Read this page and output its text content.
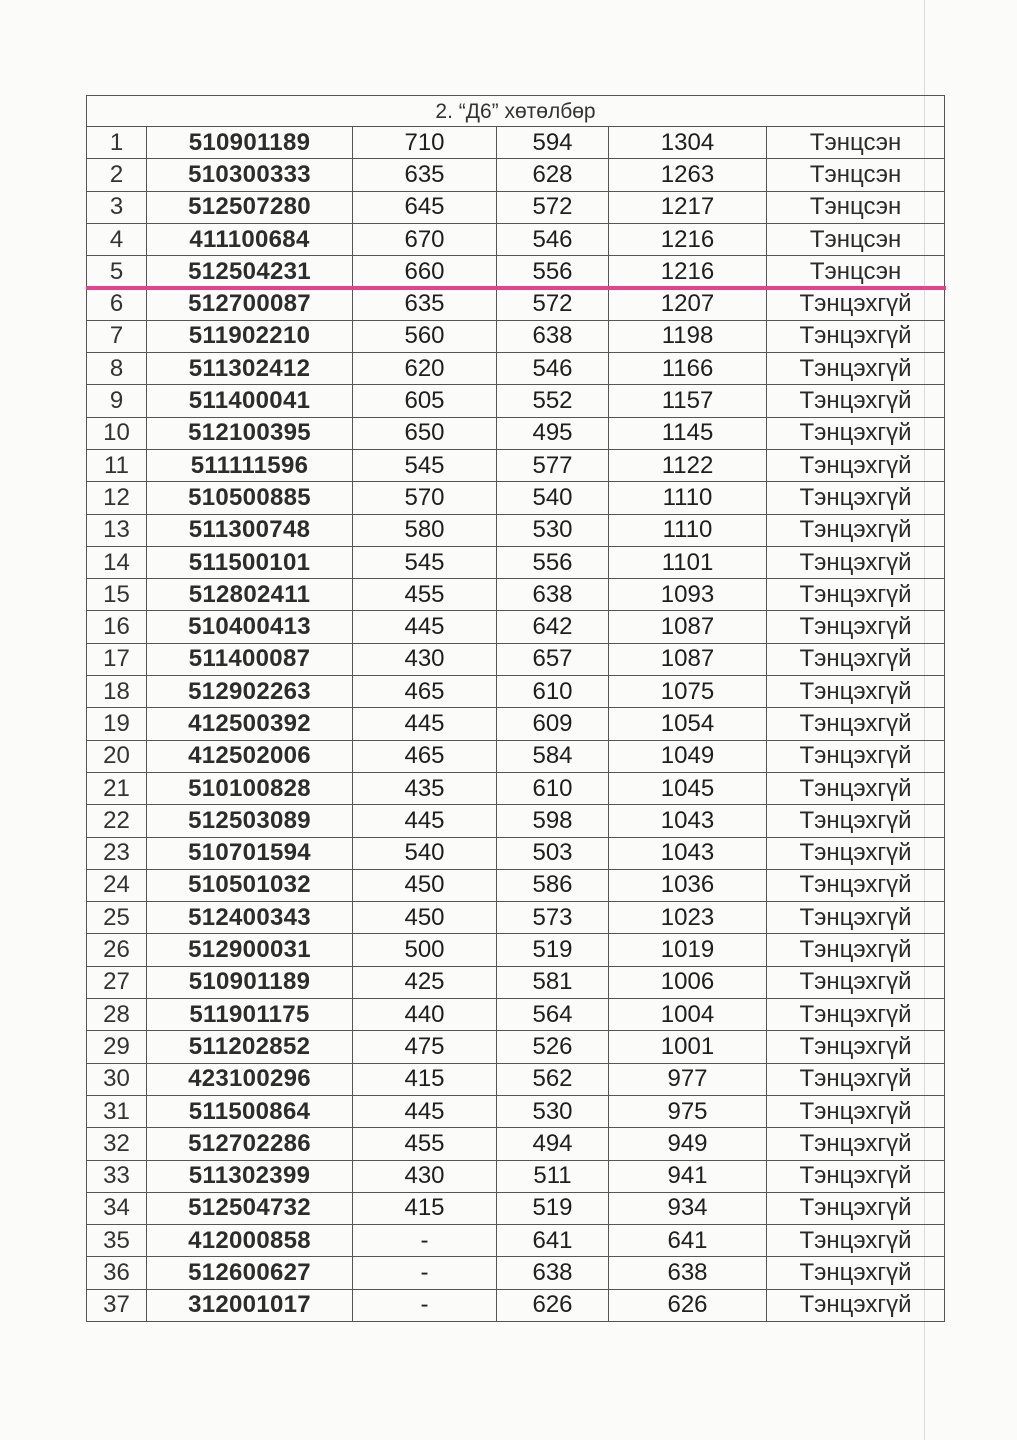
2. “Д6” хөтөлбөр					
1	510901189	710	594	1304	Тэнцсэн
2	510300333	635	628	1263	Тэнцсэн
3	512507280	645	572	1217	Тэнцсэн
4	411100684	670	546	1216	Тэнцсэн
5	512504231	660	556	1216	Тэнцсэн
6	512700087	635	572	1207	Тэнцэхгүй
7	511902210	560	638	1198	Тэнцэхгүй
8	511302412	620	546	1166	Тэнцэхгүй
9	511400041	605	552	1157	Тэнцэхгүй
10	512100395	650	495	1145	Тэнцэхгүй
11	511111596	545	577	1122	Тэнцэхгүй
12	510500885	570	540	1110	Тэнцэхгүй
13	511300748	580	530	1110	Тэнцэхгүй
14	511500101	545	556	1101	Тэнцэхгүй
15	512802411	455	638	1093	Тэнцэхгүй
16	510400413	445	642	1087	Тэнцэхгүй
17	511400087	430	657	1087	Тэнцэхгүй
18	512902263	465	610	1075	Тэнцэхгүй
19	412500392	445	609	1054	Тэнцэхгүй
20	412502006	465	584	1049	Тэнцэхгүй
21	510100828	435	610	1045	Тэнцэхгүй
22	512503089	445	598	1043	Тэнцэхгүй
23	510701594	540	503	1043	Тэнцэхгүй
24	510501032	450	586	1036	Тэнцэхгүй
25	512400343	450	573	1023	Тэнцэхгүй
26	512900031	500	519	1019	Тэнцэхгүй
27	510901189	425	581	1006	Тэнцэхгүй
28	511901175	440	564	1004	Тэнцэхгүй
29	511202852	475	526	1001	Тэнцэхгүй
30	423100296	415	562	977	Тэнцэхгүй
31	511500864	445	530	975	Тэнцэхгүй
32	512702286	455	494	949	Тэнцэхгүй
33	511302399	430	511	941	Тэнцэхгүй
34	512504732	415	519	934	Тэнцэхгүй
35	412000858	-	641	641	Тэнцэхгүй
36	512600627	-	638	638	Тэнцэхгүй
37	312001017	-	626	626	Тэнцэхгүй
